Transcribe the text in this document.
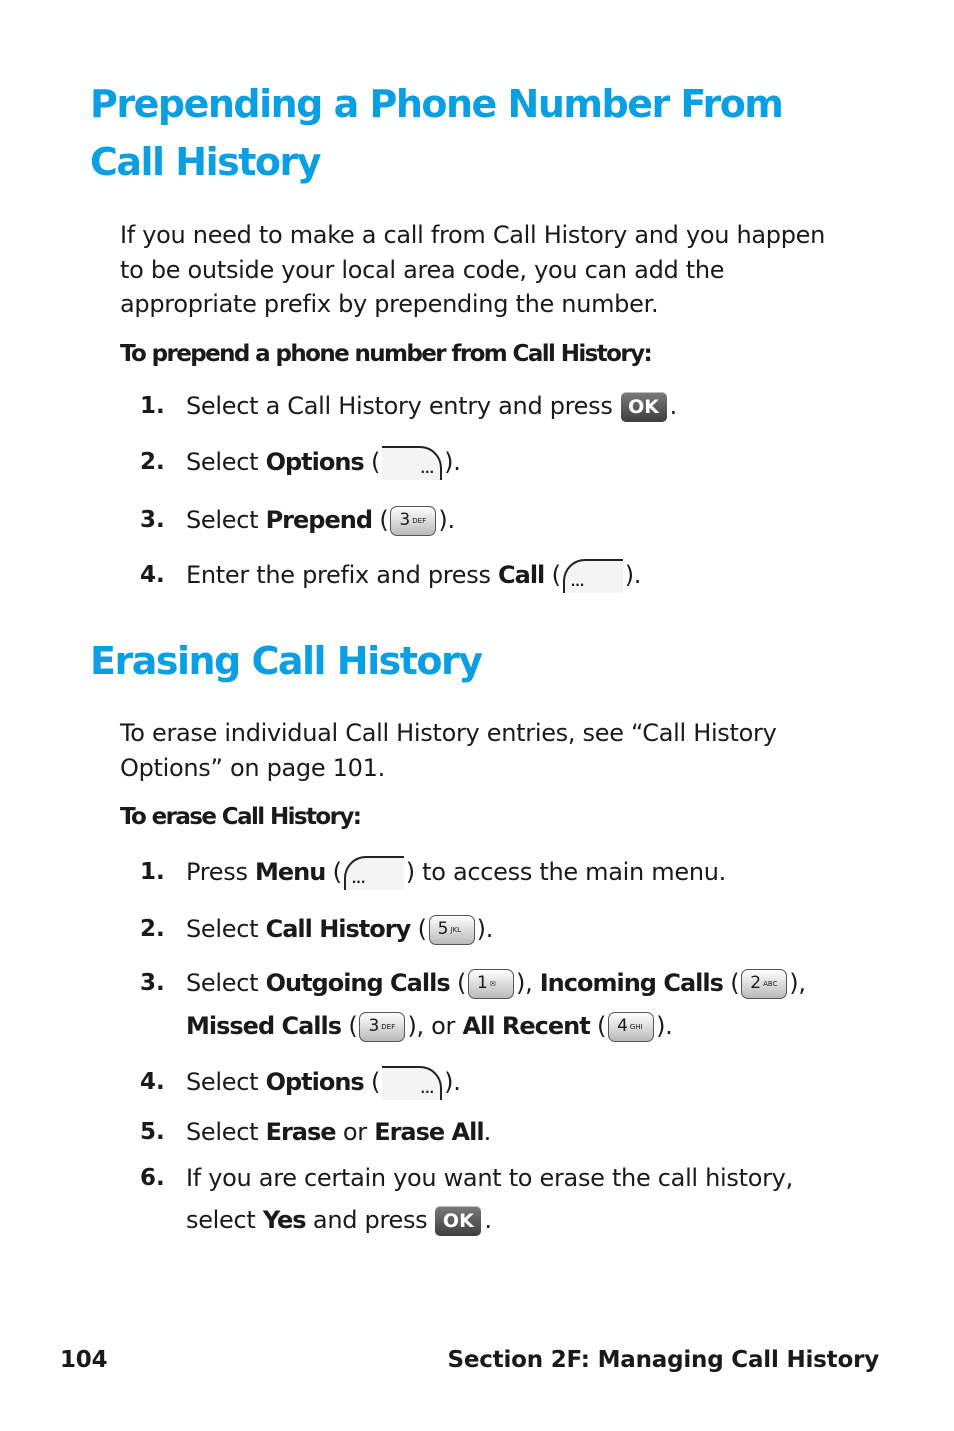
Prepending a Phone Number From
Call History

If you need to make a call from Call History and you happen
to be outside your local area code, you can add the
appropriate prefix by prepending the number.

To prepend a phone number from Call History:

1. Select a Call History entry and press OK .
2. Select Options (	··· ).
3. Select Prepend ( 3 DEF ).
4. Enter the prefix and press Call ( ··· ).
Erasing Call History

To erase individual Call History entries, see “Call History
Options” on page 101.

To erase Call History:

1. Press Menu ( ··· ) to access the main menu.
2. Select Call History ( 5 JKL ).
3. Select Outgoing Calls ( 1 ✉ ), Incoming Calls ( 2 ABC ),
Missed Calls ( 3 DEF ), or All Recent ( 4 GHI ).
4. Select Options (	··· ).
5. Select Erase or Erase All.
6. If you are certain you want to erase the call history,
select Yes and press OK .
104	Section 2F: Managing Call History
